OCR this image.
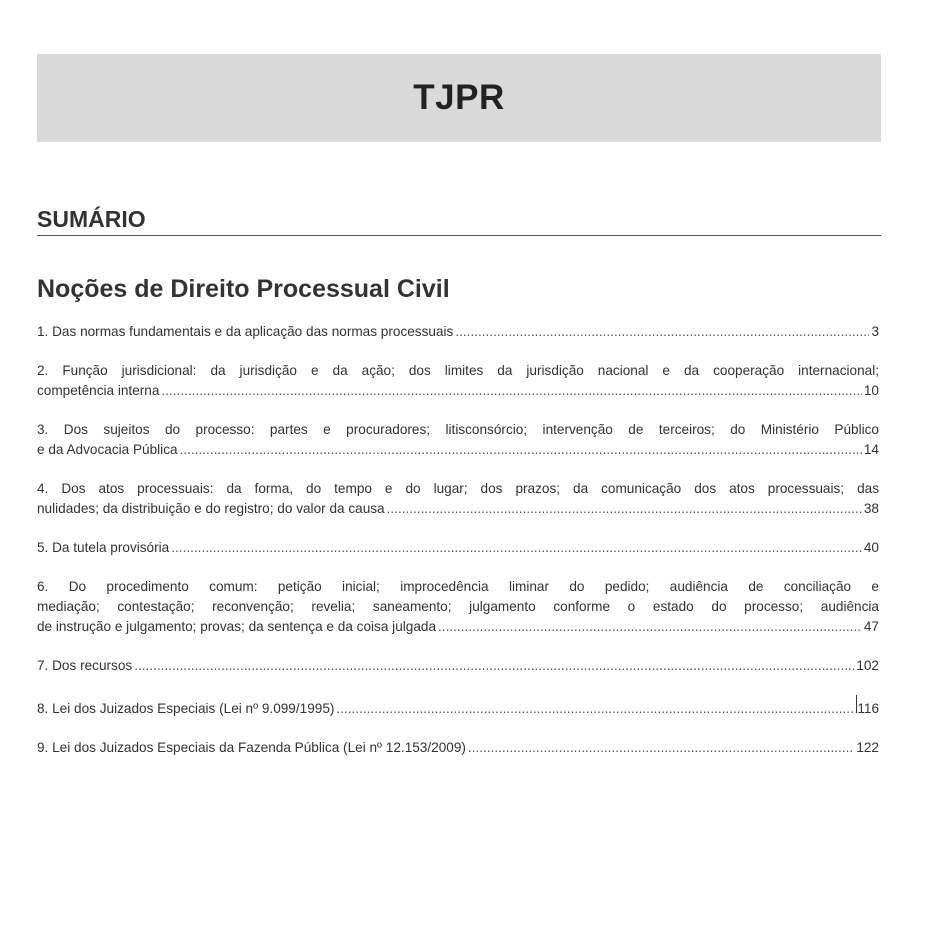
TJPR
SUMÁRIO
Noções de Direito Processual Civil
1. Das normas fundamentais e da aplicação das normas processuais .....	3
2. Função jurisdicional: da jurisdição e da ação; dos limites da jurisdição nacional e da cooperação internacional;
competência interna .....	10
3. Dos sujeitos do processo: partes e procuradores; litisconsórcio; intervenção de terceiros; do Ministério Público
e da Advocacia Pública .....	14
4. Dos atos processuais: da forma, do tempo e do lugar; dos prazos; da comunicação dos atos processuais; das
nulidades; da distribuição e do registro; do valor da causa .....	38
5. Da tutela provisória .....	40
6. Do procedimento comum: petição inicial; improcedência liminar do pedido; audiência de conciliação e
mediação; contestação; reconvenção; revelia; saneamento; julgamento conforme o estado do processo; audiência
de instrução e julgamento; provas; da sentença e da coisa julgada .....	47
7. Dos recursos .....	102
8. Lei dos Juizados Especiais (Lei nº 9.099/1995) .....	116
9. Lei dos Juizados Especiais da Fazenda Pública (Lei nº 12.153/2009) .....	122
